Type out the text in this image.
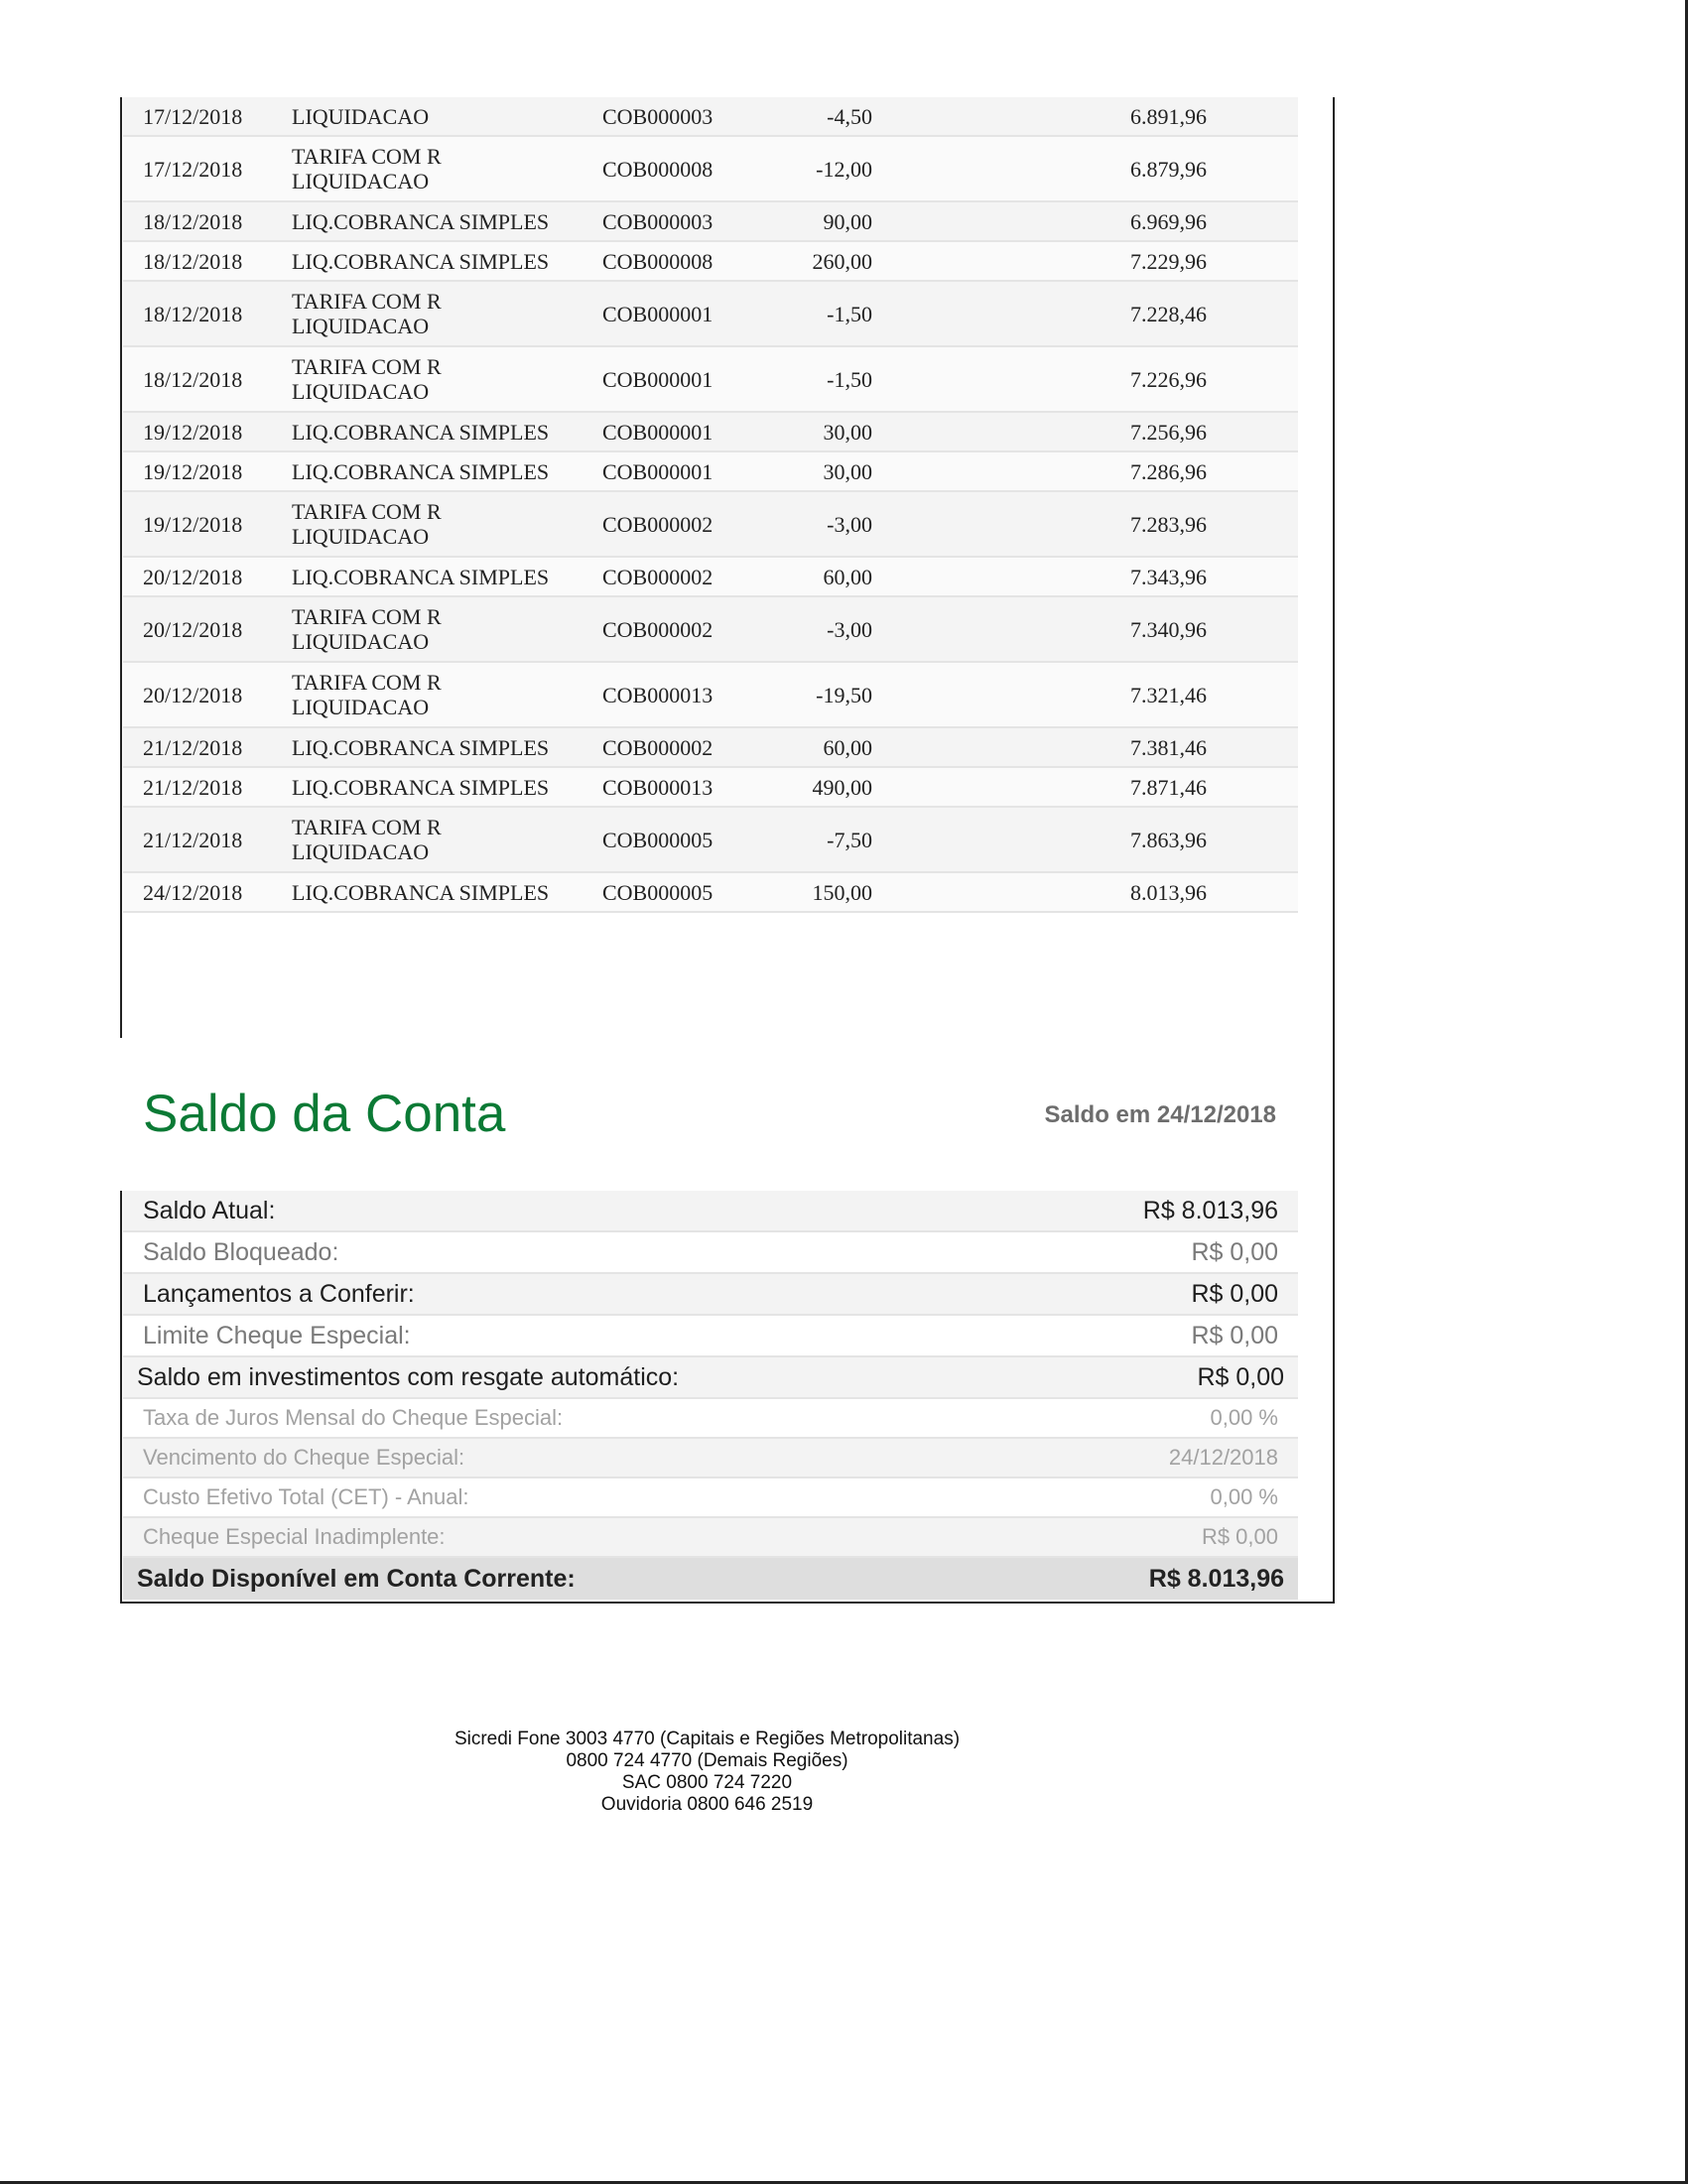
17/12/2018	LIQUIDACAO	COB000003	-4,50	6.891,96
17/12/2018	TARIFA COM R LIQUIDACAO	COB000008	-12,00	6.879,96
18/12/2018	LIQ.COBRANCA SIMPLES	COB000003	90,00	6.969,96
18/12/2018	LIQ.COBRANCA SIMPLES	COB000008	260,00	7.229,96
18/12/2018	TARIFA COM R LIQUIDACAO	COB000001	-1,50	7.228,46
18/12/2018	TARIFA COM R LIQUIDACAO	COB000001	-1,50	7.226,96
19/12/2018	LIQ.COBRANCA SIMPLES	COB000001	30,00	7.256,96
19/12/2018	LIQ.COBRANCA SIMPLES	COB000001	30,00	7.286,96
19/12/2018	TARIFA COM R LIQUIDACAO	COB000002	-3,00	7.283,96
20/12/2018	LIQ.COBRANCA SIMPLES	COB000002	60,00	7.343,96
20/12/2018	TARIFA COM R LIQUIDACAO	COB000002	-3,00	7.340,96
20/12/2018	TARIFA COM R LIQUIDACAO	COB000013	-19,50	7.321,46
21/12/2018	LIQ.COBRANCA SIMPLES	COB000002	60,00	7.381,46
21/12/2018	LIQ.COBRANCA SIMPLES	COB000013	490,00	7.871,46
21/12/2018	TARIFA COM R LIQUIDACAO	COB000005	-7,50	7.863,96
24/12/2018	LIQ.COBRANCA SIMPLES	COB000005	150,00	8.013,96
Saldo da Conta	Saldo em 24/12/2018
Saldo Atual:	R$ 8.013,96
Saldo Bloqueado:	R$ 0,00
Lançamentos a Conferir:	R$ 0,00
Limite Cheque Especial:	R$ 0,00
Saldo em investimentos com resgate automático:	R$ 0,00
Taxa de Juros Mensal do Cheque Especial:	0,00 %
Vencimento do Cheque Especial:	24/12/2018
Custo Efetivo Total (CET) - Anual:	0,00 %
Cheque Especial Inadimplente:	R$ 0,00
Saldo Disponível em Conta Corrente:	R$ 8.013,96
Sicredi Fone 3003 4770 (Capitais e Regiões Metropolitanas)
0800 724 4770 (Demais Regiões)
SAC 0800 724 7220
Ouvidoria 0800 646 2519
